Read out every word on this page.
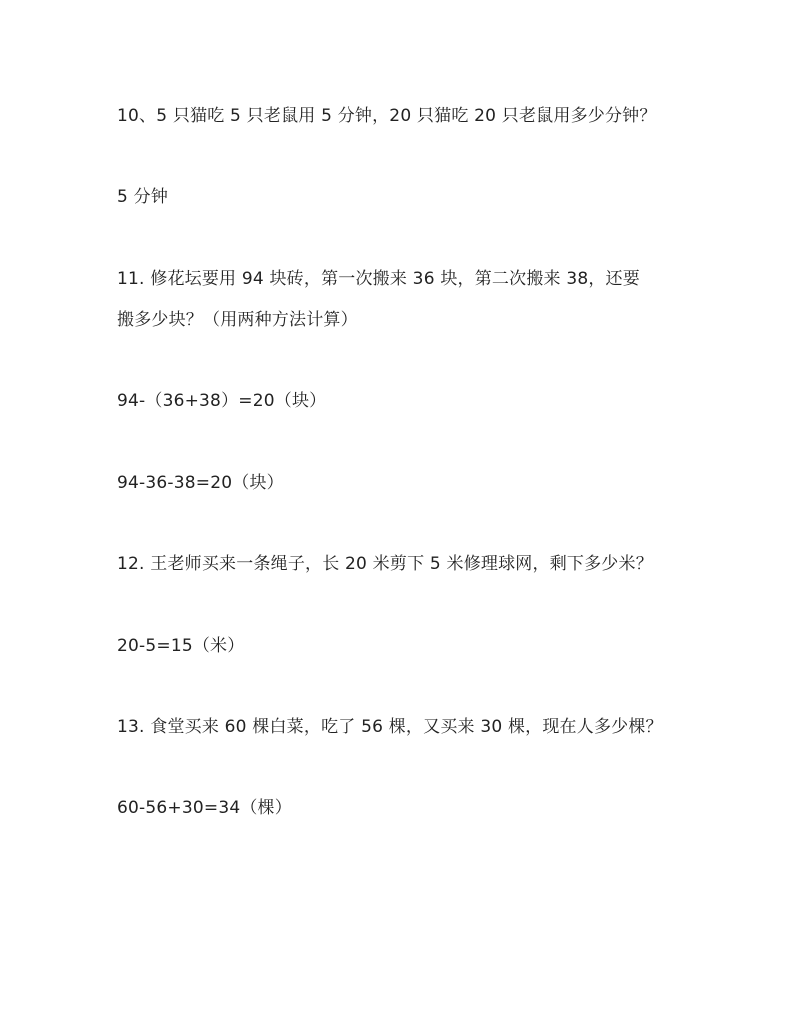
10、5 只猫吃 5 只老鼠用 5 分钟，20 只猫吃 20 只老鼠用多少分钟？
5 分钟
11. 修花坛要用 94 块砖，第一次搬来 36 块，第二次搬来 38，还要
搬多少块？（用两种方法计算）
94-（36+38）=20（块）
94-36-38=20（块）
12. 王老师买来一条绳子，长 20 米剪下 5 米修理球网，剩下多少米？
20-5=15（米）
13. 食堂买来 60 棵白菜，吃了 56 棵，又买来 30 棵，现在人多少棵？
60-56+30=34（棵）
